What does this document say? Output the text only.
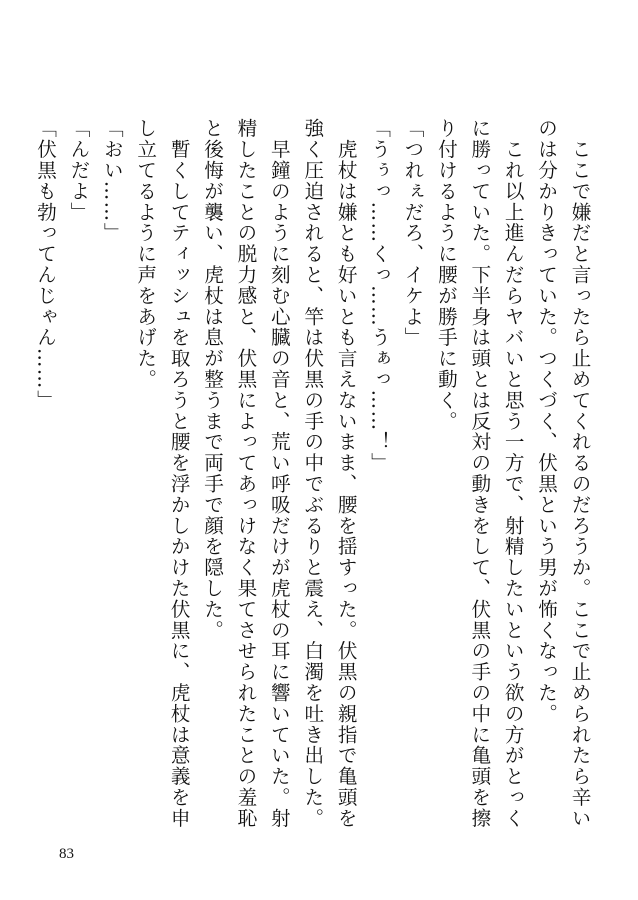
　ここで嫌だと言ったら止めてくれるのだろうか。ここで止められたら辛いのは分かりきっていた。つくづく、伏黒という男が怖くなった。

　これ以上進んだらヤバいと思う一方で、射精したいという欲の方がとっくに勝っていた。下半身は頭とは反対の動きをして、伏黒の手の中に亀頭を擦り付けるように腰が勝手に動く。

「つれぇだろ、イケよ」

「うぅっ……くっ……うぁっ……！」

　虎杖は嫌とも好いとも言えないまま、腰を揺すった。伏黒の親指で亀頭を強く圧迫されると、竿は伏黒の手の中でぶるりと震え、白濁を吐き出した。

　早鐘のように刻む心臓の音と、荒い呼吸だけが虎杖の耳に響いていた。射精したことの脱力感と、伏黒によってあっけなく果てさせられたことの羞恥と後悔が襲い、虎杖は息が整うまで両手で顔を隠した。

　暫くしてティッシュを取ろうと腰を浮かしかけた伏黒に、虎杖は意義を申し立てるように声をあげた。

「おい……」

「んだよ」

「伏黒も勃ってんじゃん……」

83
